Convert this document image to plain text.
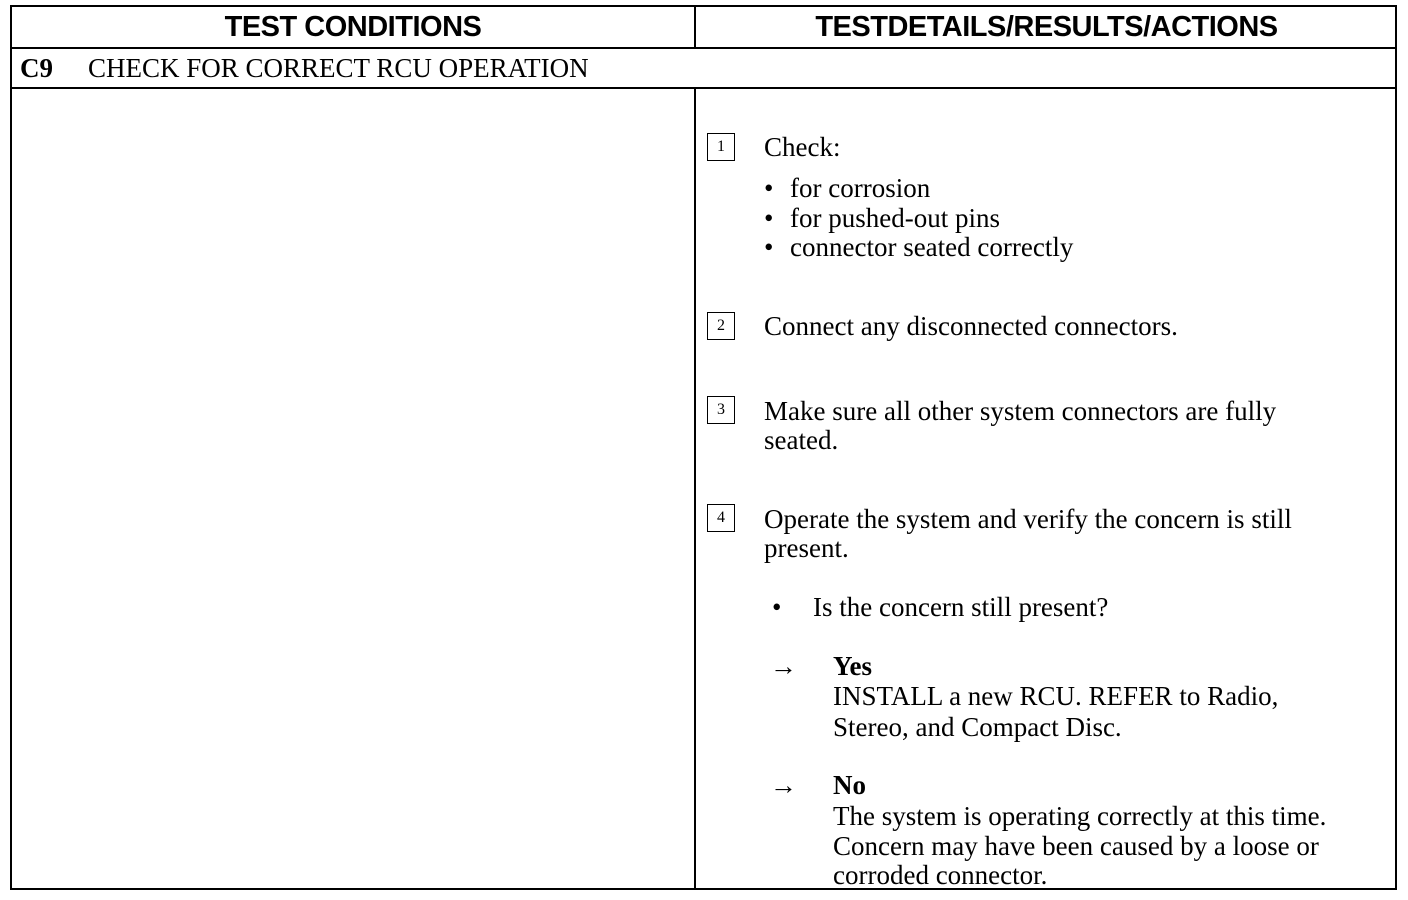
TEST CONDITIONS	TESTDETAILS/RESULTS/ACTIONS
C9 CHECK FOR CORRECT RCU OPERATION
1	Check:
• for corrosion
• for pushed-out pins
• connector seated correctly
2	Connect any disconnected connectors.
3	Make sure all other system connectors are fully
seated.
4	Operate the system and verify the concern is still
present.
• Is the concern still present?
→ Yes
INSTALL a new RCU. REFER to Radio,
Stereo, and Compact Disc.
→ No
The system is operating correctly at this time.
Concern may have been caused by a loose or
corroded connector.
